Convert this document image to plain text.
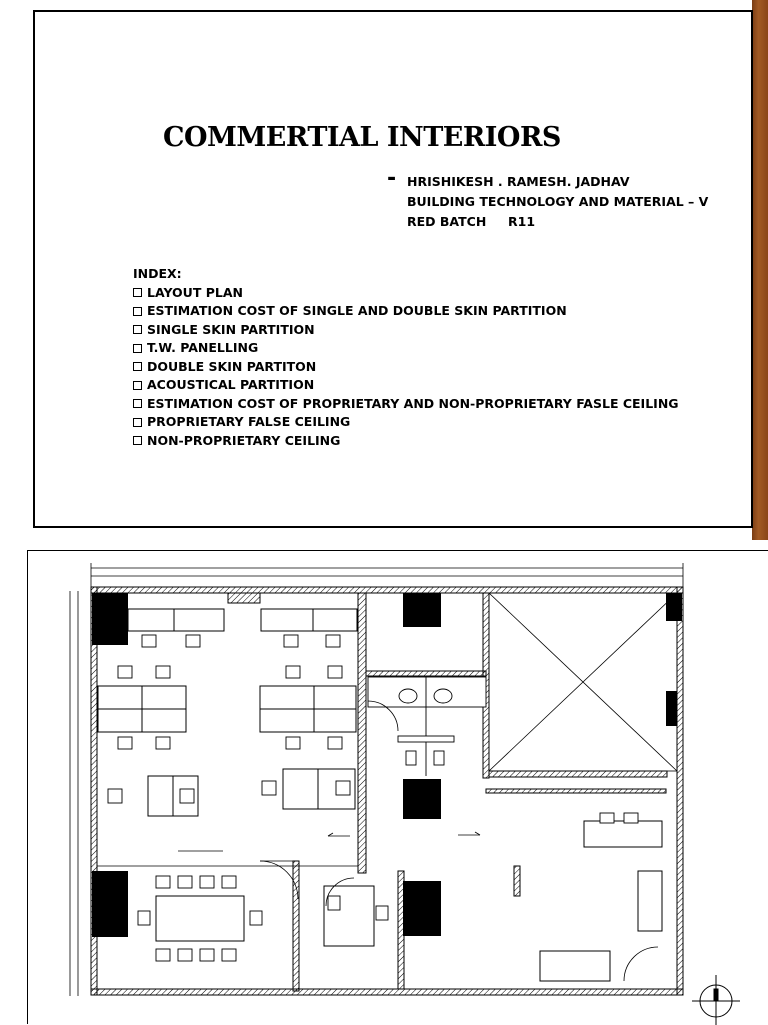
COMMERTIAL INTERIORS
- HRISHIKESH . RAMESH. JADHAV
BUILDING TECHNOLOGY AND MATERIAL – V
RED BATCH     R11
INDEX:
LAYOUT PLAN
ESTIMATION COST OF SINGLE AND DOUBLE SKIN PARTITION
SINGLE SKIN PARTITION
T.W. PANELLING
DOUBLE SKIN PARTITON
ACOUSTICAL PARTITION
ESTIMATION COST OF PROPRIETARY AND NON-PROPRIETARY FASLE CEILING
PROPRIETARY FALSE CEILING
NON-PROPRIETARY CEILING
